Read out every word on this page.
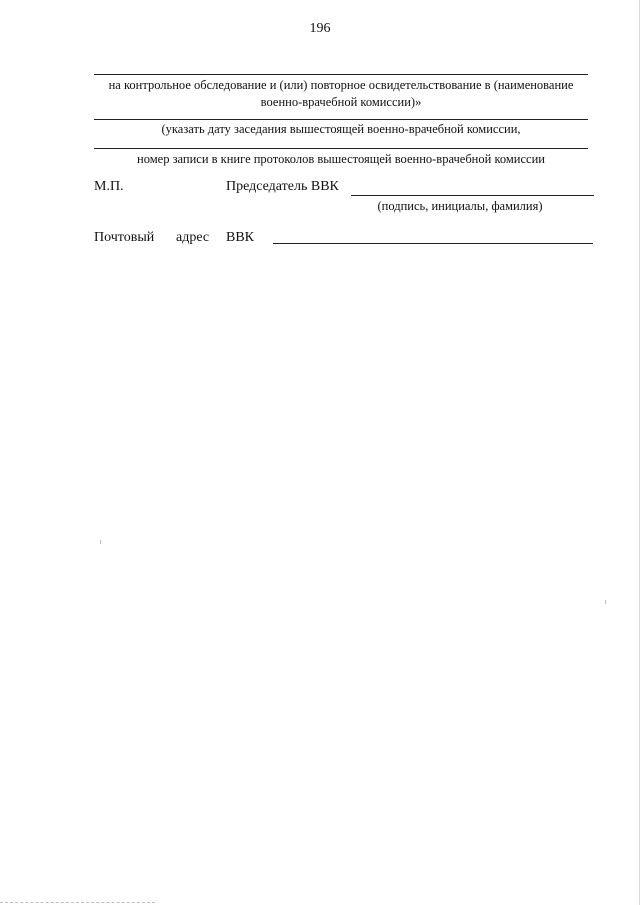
196
на контрольное обследование и (или) повторное освидетельствование в (наименование военно-врачебной комиссии)»
(указать дату заседания вышестоящей военно-врачебной комиссии,
номер записи в книге протоколов вышестоящей военно-врачебной комиссии
М.П.	Председатель ВВК
(подпись, инициалы, фамилия)
Почтовый адрес ВВК
